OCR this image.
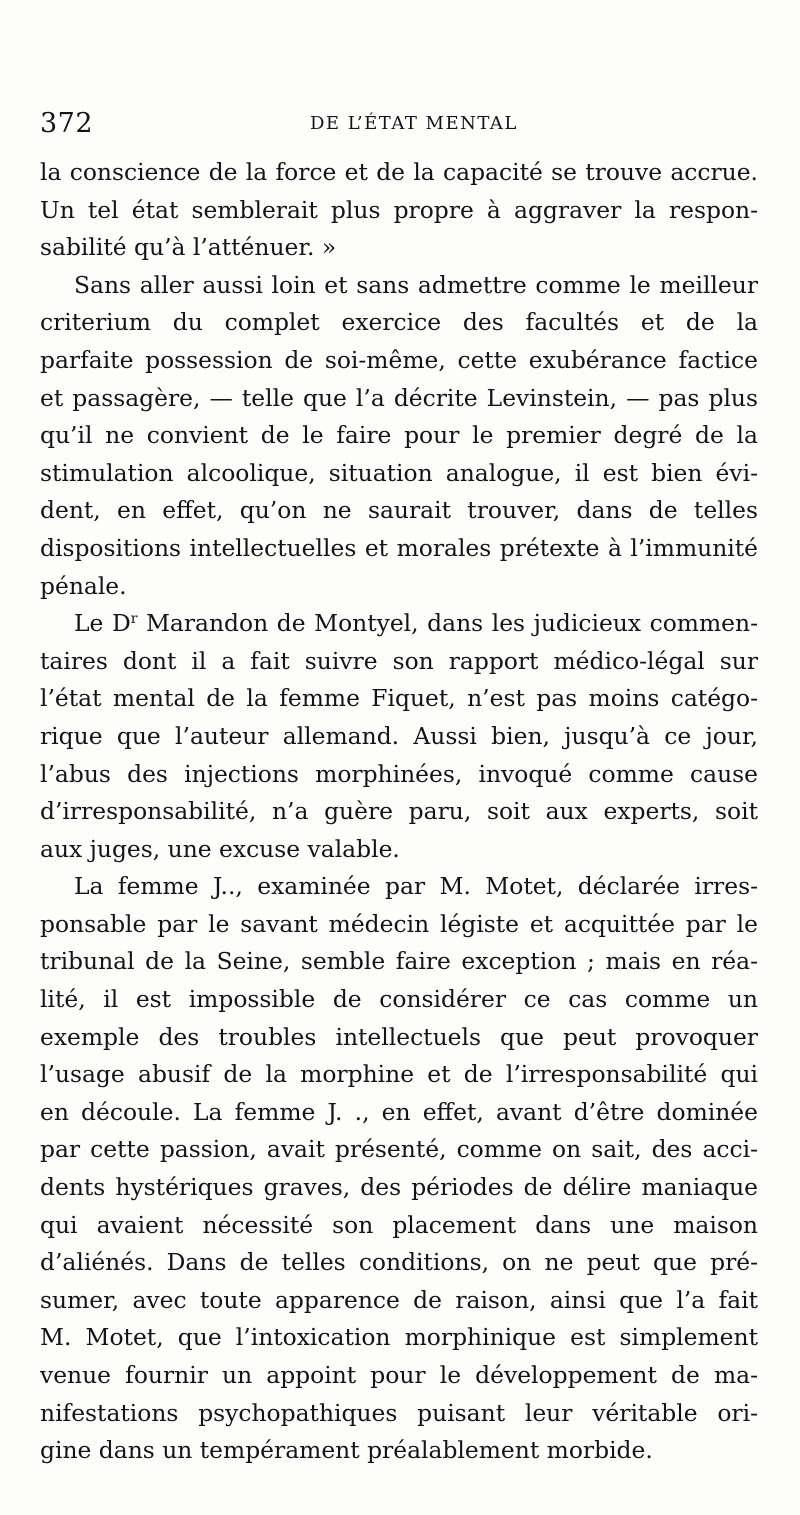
372	DE L’ÉTAT MENTAL
la conscience de la force et de la capacité se trouve accrue.
Un tel état semblerait plus propre à aggraver la respon-
sabilité qu’à l’atténuer. »
Sans aller aussi loin et sans admettre comme le meilleur
criterium du complet exercice des facultés et de la
parfaite possession de soi-même, cette exubérance factice
et passagère, — telle que l’a décrite Levinstein, — pas plus
qu’il ne convient de le faire pour le premier degré de la
stimulation alcoolique, situation analogue, il est bien évi-
dent, en effet, qu’on ne saurait trouver, dans de telles
dispositions intellectuelles et morales prétexte à l’immunité
pénale.
Le $D^r$ Marandon de Montyel, dans les judicieux commen-
taires dont il a fait suivre son rapport médico-légal sur
l’état mental de la femme Fiquet, n’est pas moins catégo-
rique que l’auteur allemand. Aussi bien, jusqu’à ce jour,
l’abus des injections morphinées, invoqué comme cause
d’irresponsabilité, n’a guère paru, soit aux experts, soit
aux juges, une excuse valable.
La femme J.., examinée par M. Motet, déclarée irres-
ponsable par le savant médecin légiste et acquittée par le
tribunal de la Seine, semble faire exception ; mais en réa-
lité, il est impossible de considérer ce cas comme un
exemple des troubles intellectuels que peut provoquer
l’usage abusif de la morphine et de l’irresponsabilité qui
en découle. La femme J. ., en effet, avant d’être dominée
par cette passion, avait présenté, comme on sait, des acci-
dents hystériques graves, des périodes de délire maniaque
qui avaient nécessité son placement dans une maison
d’aliénés. Dans de telles conditions, on ne peut que pré-
sumer, avec toute apparence de raison, ainsi que l’a fait
M. Motet, que l’intoxication morphinique est simplement
venue fournir un appoint pour le développement de ma-
nifestations psychopathiques puisant leur véritable ori-
gine dans un tempérament préalablement morbide.
